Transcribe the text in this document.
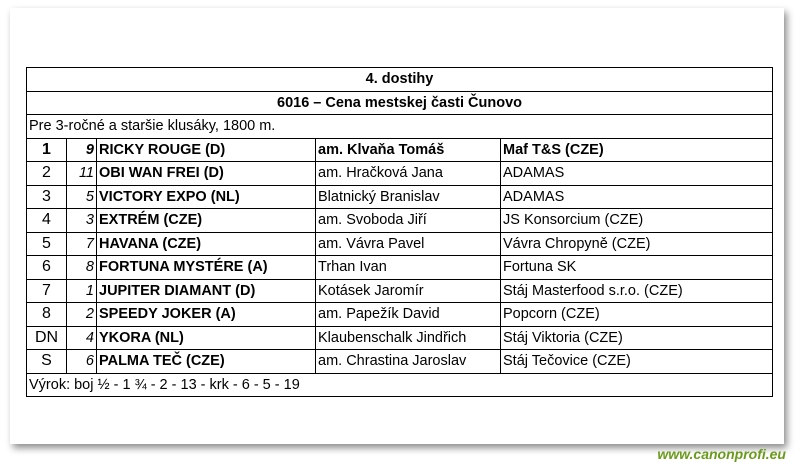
4. dostihy				
6016 – Cena mestskej časti Čunovo				
Pre 3-ročné a staršie klusáky, 1800 m.				
1	9	RICKY ROUGE (D)	am. Klvaňa Tomáš	Maf T&S (CZE)
2	11	OBI WAN FREI (D)	am. Hračková Jana	ADAMAS
3	5	VICTORY EXPO (NL)	Blatnický Branislav	ADAMAS
4	3	EXTRÉM (CZE)	am. Svoboda Jiří	JS Konsorcium (CZE)
5	7	HAVANA (CZE)	am. Vávra Pavel	Vávra Chropyně (CZE)
6	8	FORTUNA MYSTÉRE (A)	Trhan Ivan	Fortuna SK
7	1	JUPITER DIAMANT (D)	Kotásek Jaromír	Stáj Masterfood s.r.o. (CZE)
8	2	SPEEDY JOKER (A)	am. Papežík David	Popcorn (CZE)
DN	4	YKORA (NL)	Klaubenschalk Jindřich	Stáj Viktoria (CZE)
S	6	PALMA TEČ (CZE)	am. Chrastina Jaroslav	Stáj Tečovice (CZE)
Výrok: boj ½ - 1 ¾ - 2 - 13 - krk - 6 - 5 - 19				
www.canonprofi.eu
